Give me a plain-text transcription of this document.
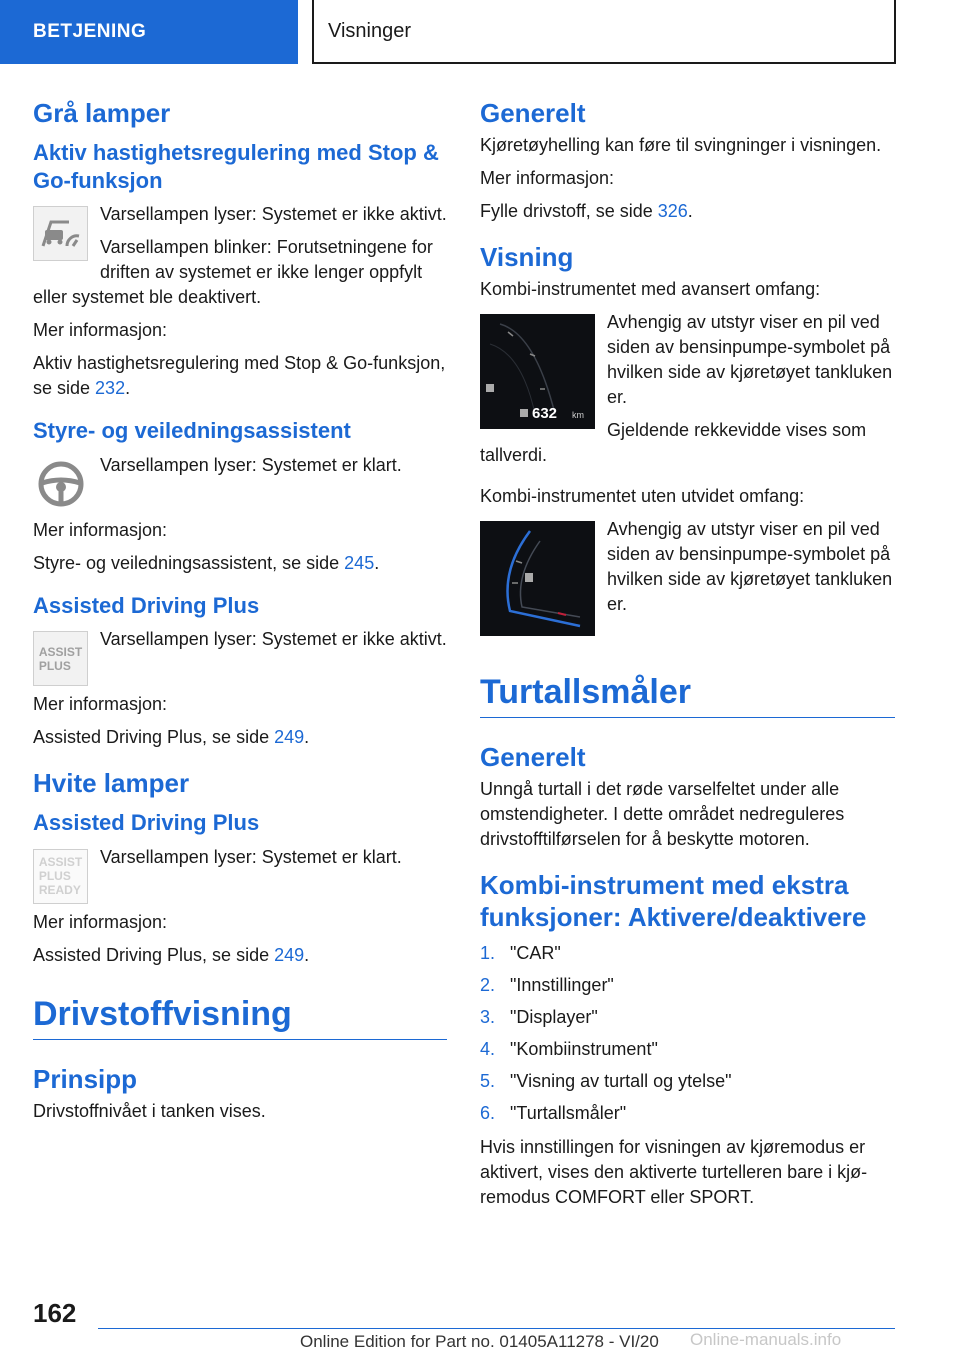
BETJENING	Visninger
Grå lamper
Aktiv hastighetsregulering med Stop & Go-funksjon

Varsellampen lyser: Systemet er ikke aktivt.

Varsellampen blinker: Forutsetningene for driften av systemet er ikke lenger oppfylt eller systemet ble deaktivert.

Mer informasjon:

Aktiv hastighetsregulering med Stop & Go-funksjon, se side 232.

Styre- og veiledningsassistent

Varsellampen lyser: Systemet er klart.

Mer informasjon:

Styre- og veiledningsassistent, se side 245.

Assisted Driving Plus
ASSIST
PLUS

Varsellampen lyser: Systemet er ikke aktivt.

Mer informasjon:

Assisted Driving Plus, se side 249.

Hvite lamper
Assisted Driving Plus
ASSIST
PLUS
READY

Varsellampen lyser: Systemet er klart.

Mer informasjon:

Assisted Driving Plus, se side 249.

Drivstoffvisning
Prinsipp

Drivstoffnivået i tanken vises.

Generelt

Kjøretøyhelling kan føre til svingninger i visningen.

Mer informasjon:

Fylle drivstoff, se side 326.

Visning

Kombi-instrumentet med avansert omfang:

632 km

Avhengig av utstyr viser en pil ved siden av bensinpumpe-symbolet på hvilken side av kjøretøyet tankluken er.

Gjeldende rekkevidde vises som tallverdi.

Kombi-instrumentet uten utvidet omfang:

Avhengig av utstyr viser en pil ved siden av bensinpumpe-symbolet på hvilken side av kjøretøyet tankluken er.

Turtallsmåler
Generelt

Unngå turtall i det røde varselfeltet under alle omstendigheter. I dette området nedreguleres drivstofftilførselen for å beskytte motoren.

Kombi-instrument med ekstra funksjoner: Aktivere/deaktivere
1. "CAR"
2. "Innstillinger"
3. "Displayer"
4. "Kombiinstrument"
5. "Visning av turtall og ytelse"
6. "Turtallsmåler"

Hvis innstillingen for visningen av kjøremodus er aktivert, vises den aktiverte turtelleren bare i kjøremodus COMFORT eller SPORT.

162
Online Edition for Part no. 01405A11278 - VI/20 Online-manuals.info
